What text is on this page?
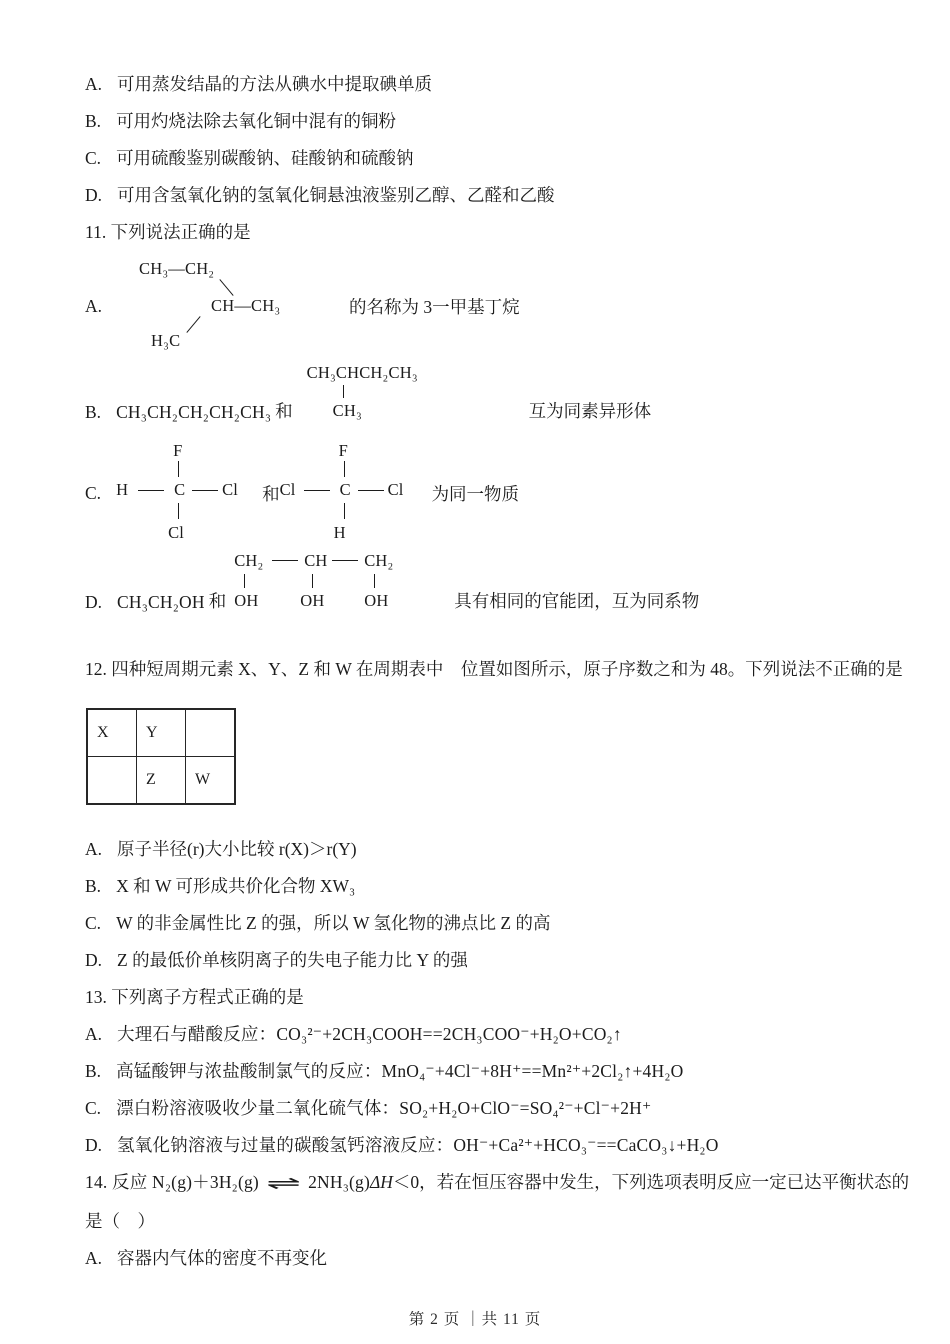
A. 可用蒸发结晶的方法从碘水中提取碘单质
B. 可用灼烧法除去氧化铜中混有的铜粉
C. 可用硫酸鉴别碳酸钠、硅酸钠和硫酸钠
D. 可用含氢氧化钠的氢氧化铜悬浊液鉴别乙醇、乙醛和乙酸
11. 下列说法正确的是
A.
CH₃—CH₂
CH—CH₃
H₃C
的名称为 3一甲基丁烷
B. CH₃CH₂CH₂CH₂CH₃ 和
CH₃CHCH₂CH₃
CH₃	互为同素异形体
C.
F
H	C Cl
Cl
和
F
Cl	C Cl
H
为同一物质
D. CH₃CH₂OH 和
CH₂ CH CH₂
OH	OH OH	具有相同的官能团，互为同系物
12. 四种短周期元素 X、Y、Z 和 W 在周期表中　位置如图所示，原子序数之和为 48。下列说法不正确的是
X	Y	
	Z	W
A. 原子半径(r)大小比较 r(X)＞r(Y)
B. X 和 W 可形成共价化合物 XW₃
C. W 的非金属性比 Z 的强，所以 W 氢化物的沸点比 Z 的高
D. Z 的最低价单核阴离子的失电子能力比 Y 的强
13. 下列离子方程式正确的是
A. 大理石与醋酸反应：CO₃²⁻+2CH₃COOH==2CH₃COO⁻+H₂O+CO₂↑
B. 高锰酸钾与浓盐酸制氯气的反应：MnO₄⁻+4Cl⁻+8H⁺==Mn²⁺+2Cl₂↑+4H₂O
C. 漂白粉溶液吸收少量二氧化硫气体：SO₂+H₂O+ClO⁻=SO₄²⁻+Cl⁻+2H⁺
D. 氢氧化钠溶液与过量的碳酸氢钙溶液反应：OH⁻+Ca²⁺+HCO₃⁻==CaCO₃↓+H₂O
14. 反应 N₂(g)＋3H₂(g) ⇌ 2NH₃(g)ΔH＜0，若在恒压容器中发生，下列选项表明反应一定已达平衡状态的
是（　）
A. 容器内气体的密度不再变化
第 2 页 ｜共 11 页
